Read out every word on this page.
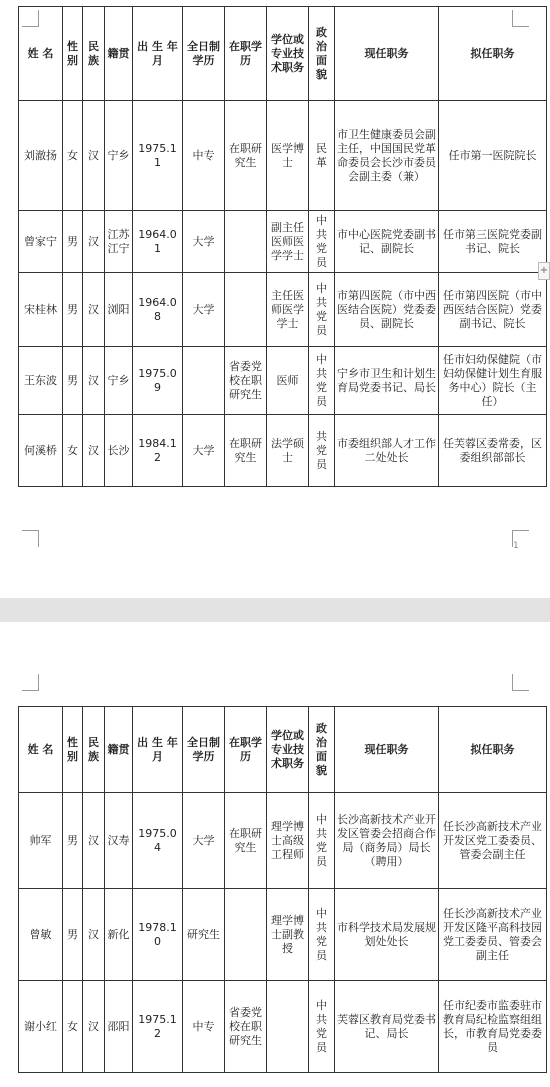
姓 名	性别	民族	籍贯	出 生 年 月	全日制学历	在职学历	学位或专业技术职务	政治面貌	现任职务	拟任职务
刘澈扬	女	汉	宁乡	1975.11	中专	在职研究生	医学博士	民革	市卫生健康委员会副主任，中国国民党革命委员会长沙市委员会副主委（兼）	任市第一医院院长
曾家宁	男	汉	江苏江宁	1964.01	大学		副主任医师医学学士	中共党员	市中心医院党委副书记、副院长	任市第三医院党委副书记、院长
宋桂林	男	汉	浏阳	1964.08	大学		主任医师医学学士	中共党员	市第四医院（市中西医结合医院）党委委员、副院长	任市第四医院（市中西医结合医院）党委副书记、院长
王东波	男	汉	宁乡	1975.09		省委党校在职研究生	医师	中共党员	宁乡市卫生和计划生育局党委书记、局长	任市妇幼保健院（市妇幼保健计划生育服务中心）院长（主任）
何溪桥	女	汉	长沙	1984.12	大学	在职研究生	法学硕士	共党员	市委组织部人才工作二处处长	任芙蓉区委常委，区委组织部部长
1
姓 名	性别	民族	籍贯	出 生 年 月	全日制学历	在职学历	学位或专业技术职务	政治面貌	现任职务	拟任职务
帅军	男	汉	汉寿	1975.04	大学	在职研究生	理学博士高级工程师	中共党员	长沙高新技术产业开发区管委会招商合作局（商务局）局长（聘用）	任长沙高新技术产业开发区党工委委员、管委会副主任
曾敏	男	汉	新化	1978.10	研究生		理学博士副教授	中共党员	市科学技术局发展规划处处长	任长沙高新技术产业开发区隆平高科技园党工委委员、管委会副主任
谢小红	女	汉	邵阳	1975.12	中专	省委党校在职研究生		中共党员	芙蓉区教育局党委书记、局长	任市纪委市监委驻市教育局纪检监察组组长，市教育局党委委员
+
